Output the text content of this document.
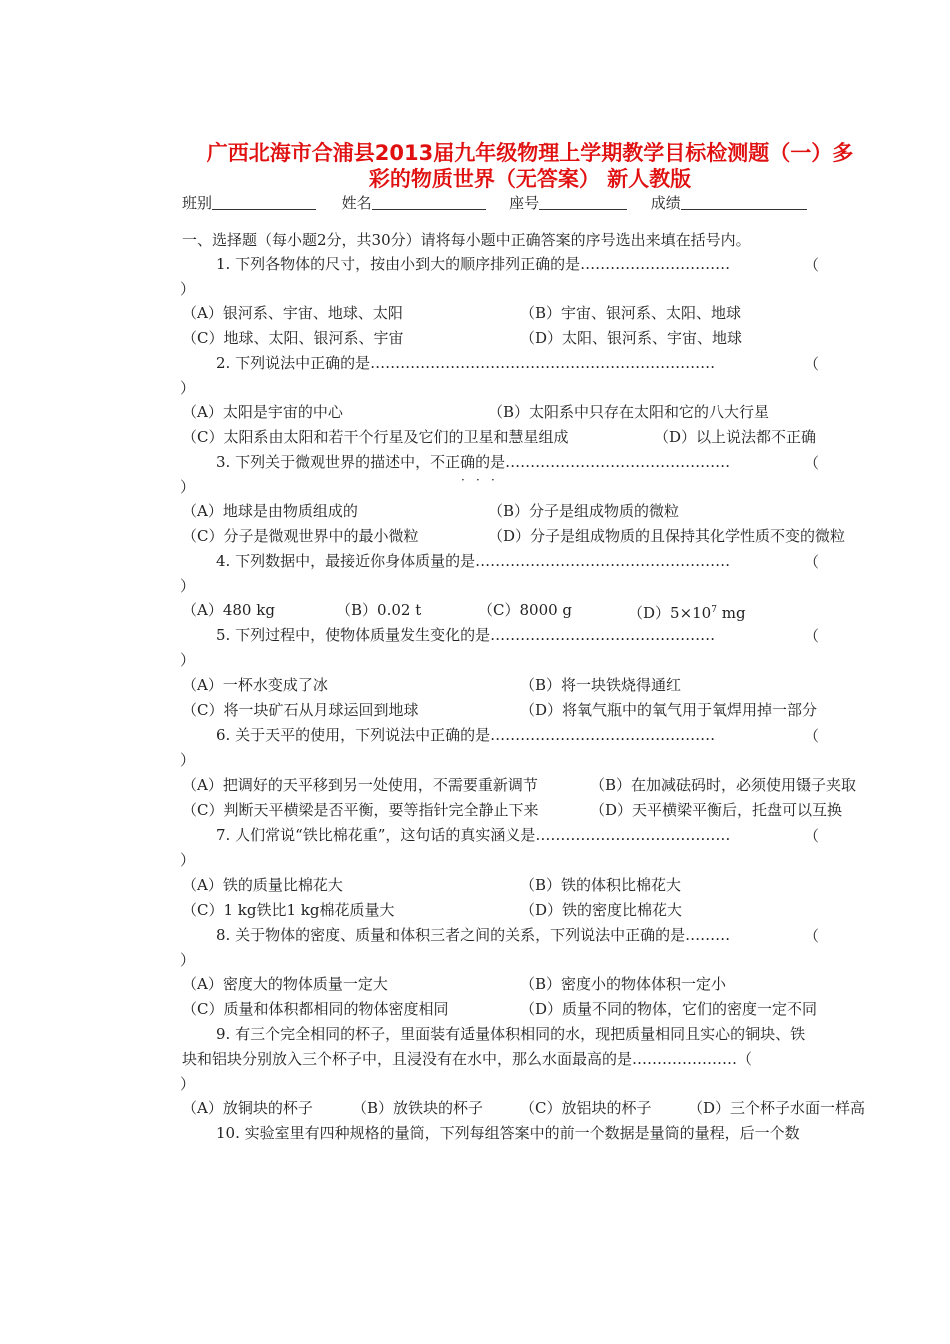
广西北海市合浦县2013届九年级物理上学期教学目标检测题（一）多
彩的物质世界（无答案） 新人教版
班别	姓名	座号	成绩
一、选择题（每小题2分，共30分）请将每小题中正确答案的序号选出来填在括号内。
1. 下列各物体的尺寸，按由小到大的顺序排列正确的是…………………………	（
）
（A）银河系、宇宙、地球、太阳	（B）宇宙、银河系、太阳、地球
（C）地球、太阳、银河系、宇宙	（D）太阳、银河系、宇宙、地球
2. 下列说法中正确的是……………………………………………………………	（
）
（A）太阳是宇宙的中心	（B）太阳系中只存在太阳和它的八大行星
（C）太阳系由太阳和若干个行星及它们的卫星和慧星组成	（D）以上说法都不正确
3. 下列关于微观世界的描述中，不正确的是………………………………………
· · ·
（
）
（A）地球是由物质组成的	（B）分子是组成物质的微粒
（C）分子是微观世界中的最小微粒	（D）分子是组成物质的且保持其化学性质不变的微粒
4. 下列数据中，最接近你身体质量的是……………………………………………	（
）
（A）480 kg	（B）0.02 t	（C）8000 g	$(D)5\times 10^7$ mg
5. 下列过程中，使物体质量发生变化的是………………………………………	（
）
（A）一杯水变成了冰	（B）将一块铁烧得通红
（C）将一块矿石从月球运回到地球	（D）将氧气瓶中的氧气用于氧焊用掉一部分
6. 关于天平的使用，下列说法中正确的是………………………………………	（
）
（A）把调好的天平移到另一处使用，不需要重新调节	（B）在加减砝码时，必须使用镊子夹取
（C）判断天平横梁是否平衡，要等指针完全静止下来	（D）天平横梁平衡后，托盘可以互换
7. 人们常说“铁比棉花重”，这句话的真实涵义是…………………………………	（
）
（A）铁的质量比棉花大	（B）铁的体积比棉花大
（C）1 kg铁比1 kg棉花质量大	（D）铁的密度比棉花大
8. 关于物体的密度、质量和体积三者之间的关系，下列说法中正确的是………	（
）
（A）密度大的物体质量一定大	（B）密度小的物体体积一定小
（C）质量和体积都相同的物体密度相同	（D）质量不同的物体，它们的密度一定不同
9. 有三个完全相同的杯子，里面装有适量体积相同的水，现把质量相同且实心的铜块、铁
块和铝块分别放入三个杯子中，且浸没有在水中，那么水面最高的是…………………（
）
（A）放铜块的杯子	（B）放铁块的杯子 （C）放铝块的杯子 （D）三个杯子水面一样高
10. 实验室里有四种规格的量筒，下列每组答案中的前一个数据是量筒的量程，后一个数
